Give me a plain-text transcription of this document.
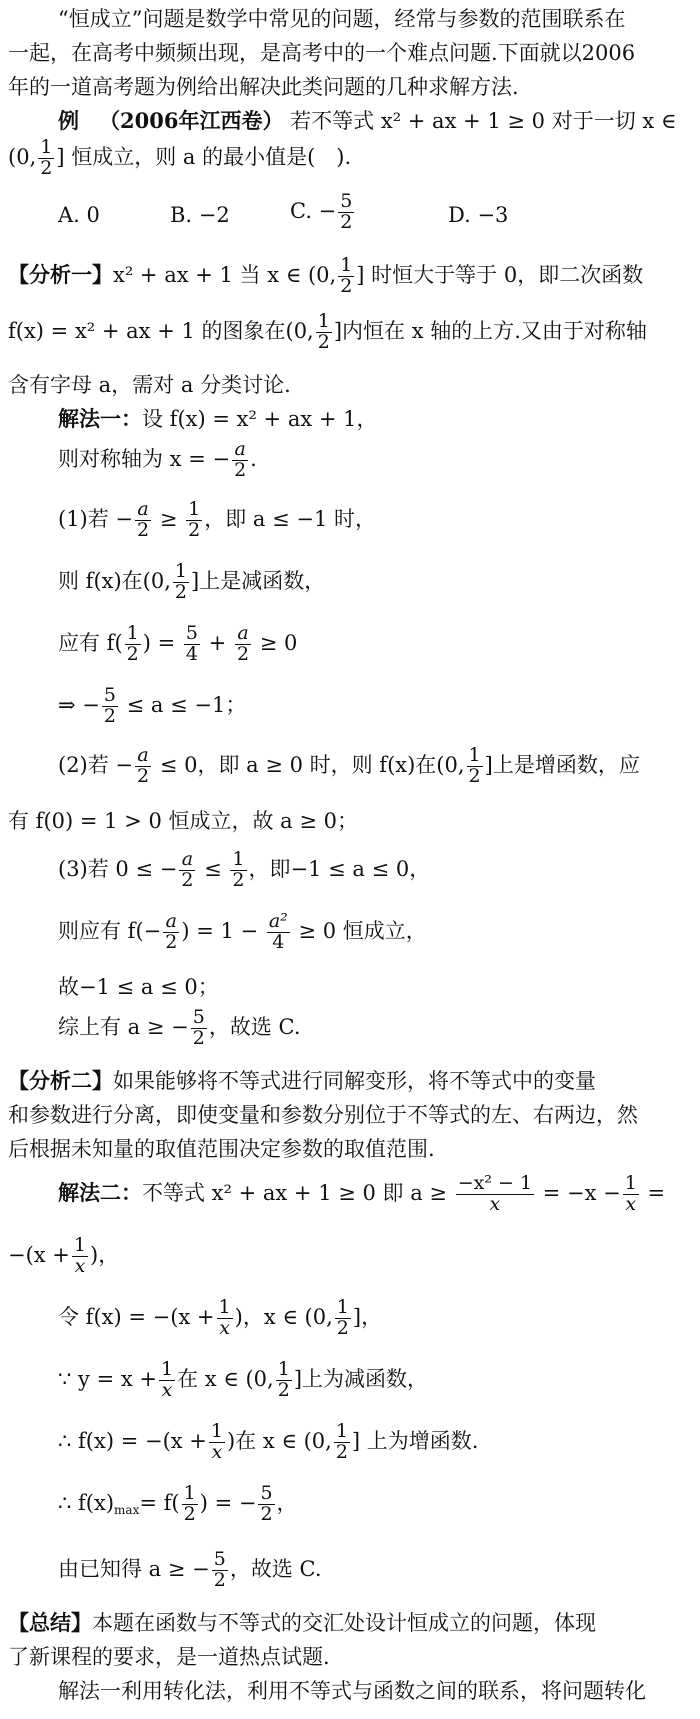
“恒成立”问题是数学中常见的问题，经常与参数的范围联系在
一起，在高考中频频出现，是高考中的一个难点问题.下面就以2006
年的一道高考题为例给出解决此类问题的几种求解方法.
例 （2006年江西卷） 若不等式 x² + ax + 1 ≥ 0 对于一切 x ∈
(0, $\frac{1}{2}$ ] 恒成立，则 a 的最小值是(　).
A. 0	B. −2	C. − $\frac{5}{2}$	D. −3
【分析一】x² + ax + 1 当 x ∈ (0, $\frac{1}{2}$ ] 时恒大于等于 0，即二次函数
f(x) = x² + ax + 1 的图象在(0, $\frac{1}{2}$ ]内恒在 x 轴的上方.又由于对称轴
含有字母 a，需对 a 分类讨论.
解法一：设 f(x) = x² + ax + 1，
则对称轴为 x = − $\frac{a}{2}$ .
(1)若 − $\frac{a}{2} \ge \frac{1}{2}$ ，即 a ≤ −1 时，
则 f(x)在(0, $\frac{1}{2}$ ]上是减函数，
应有 $f( \frac{1}{2}$ ) = $\frac{5}{4} + \frac{a}{2} \ge 0$
⇒ − $\frac{5}{2} \le a \le -1$；
(2)若 − $\frac{a}{2} \le 0$，即 a ≥ 0 时，则 f(x)在(0, $\frac{1}{2}$ ]上是增函数，应
有 f(0) = 1 > 0 恒成立，故 a ≥ 0；
(3)若 0 ≤ − $\frac{a}{2} \le \frac{1}{2}$ ，即−1 ≤ a ≤ 0，
则应有 $f(- \frac{a}{2}$ ) = $1 - \frac{\text{a²}}{4} \ge 0$ 恒成立，
故−1 ≤ a ≤ 0；
综上有 a ≥ − $\frac{5}{2}$ ，故选 C.
【分析二】如果能够将不等式进行同解变形，将不等式中的变量
和参数进行分离，即使变量和参数分别位于不等式的左、右两边，然
后根据未知量的取值范围决定参数的取值范围.
解法二：不等式 x² + ax + 1 ≥ 0 即 $a \ge \frac{\text{−x² − 1}}{x} = -x - \frac{1}{x}$ =
$-(x + \frac{1}{x}$ )，
令 $f(x) = -(x + \frac{1}{x}$ )，x ∈ (0, $\frac{1}{2}$ ]，
∵ $y = x + \frac{1}{x}$ 在 x ∈ (0, $\frac{1}{2}$ ]上为减函数，
∴ $f(x) = -(x + \frac{1}{x}$ )在 x ∈ (0, $\frac{1}{2}$ ] 上为增函数.
∴ $f(x)_{max}= f( \frac{1}{2}$ ) = − $\frac{5}{2}$ ，
由已知得 a ≥ − $\frac{5}{2}$ ，故选 C.
【总结】本题在函数与不等式的交汇处设计恒成立的问题，体现
了新课程的要求，是一道热点试题.
解法一利用转化法，利用不等式与函数之间的联系，将问题转化
